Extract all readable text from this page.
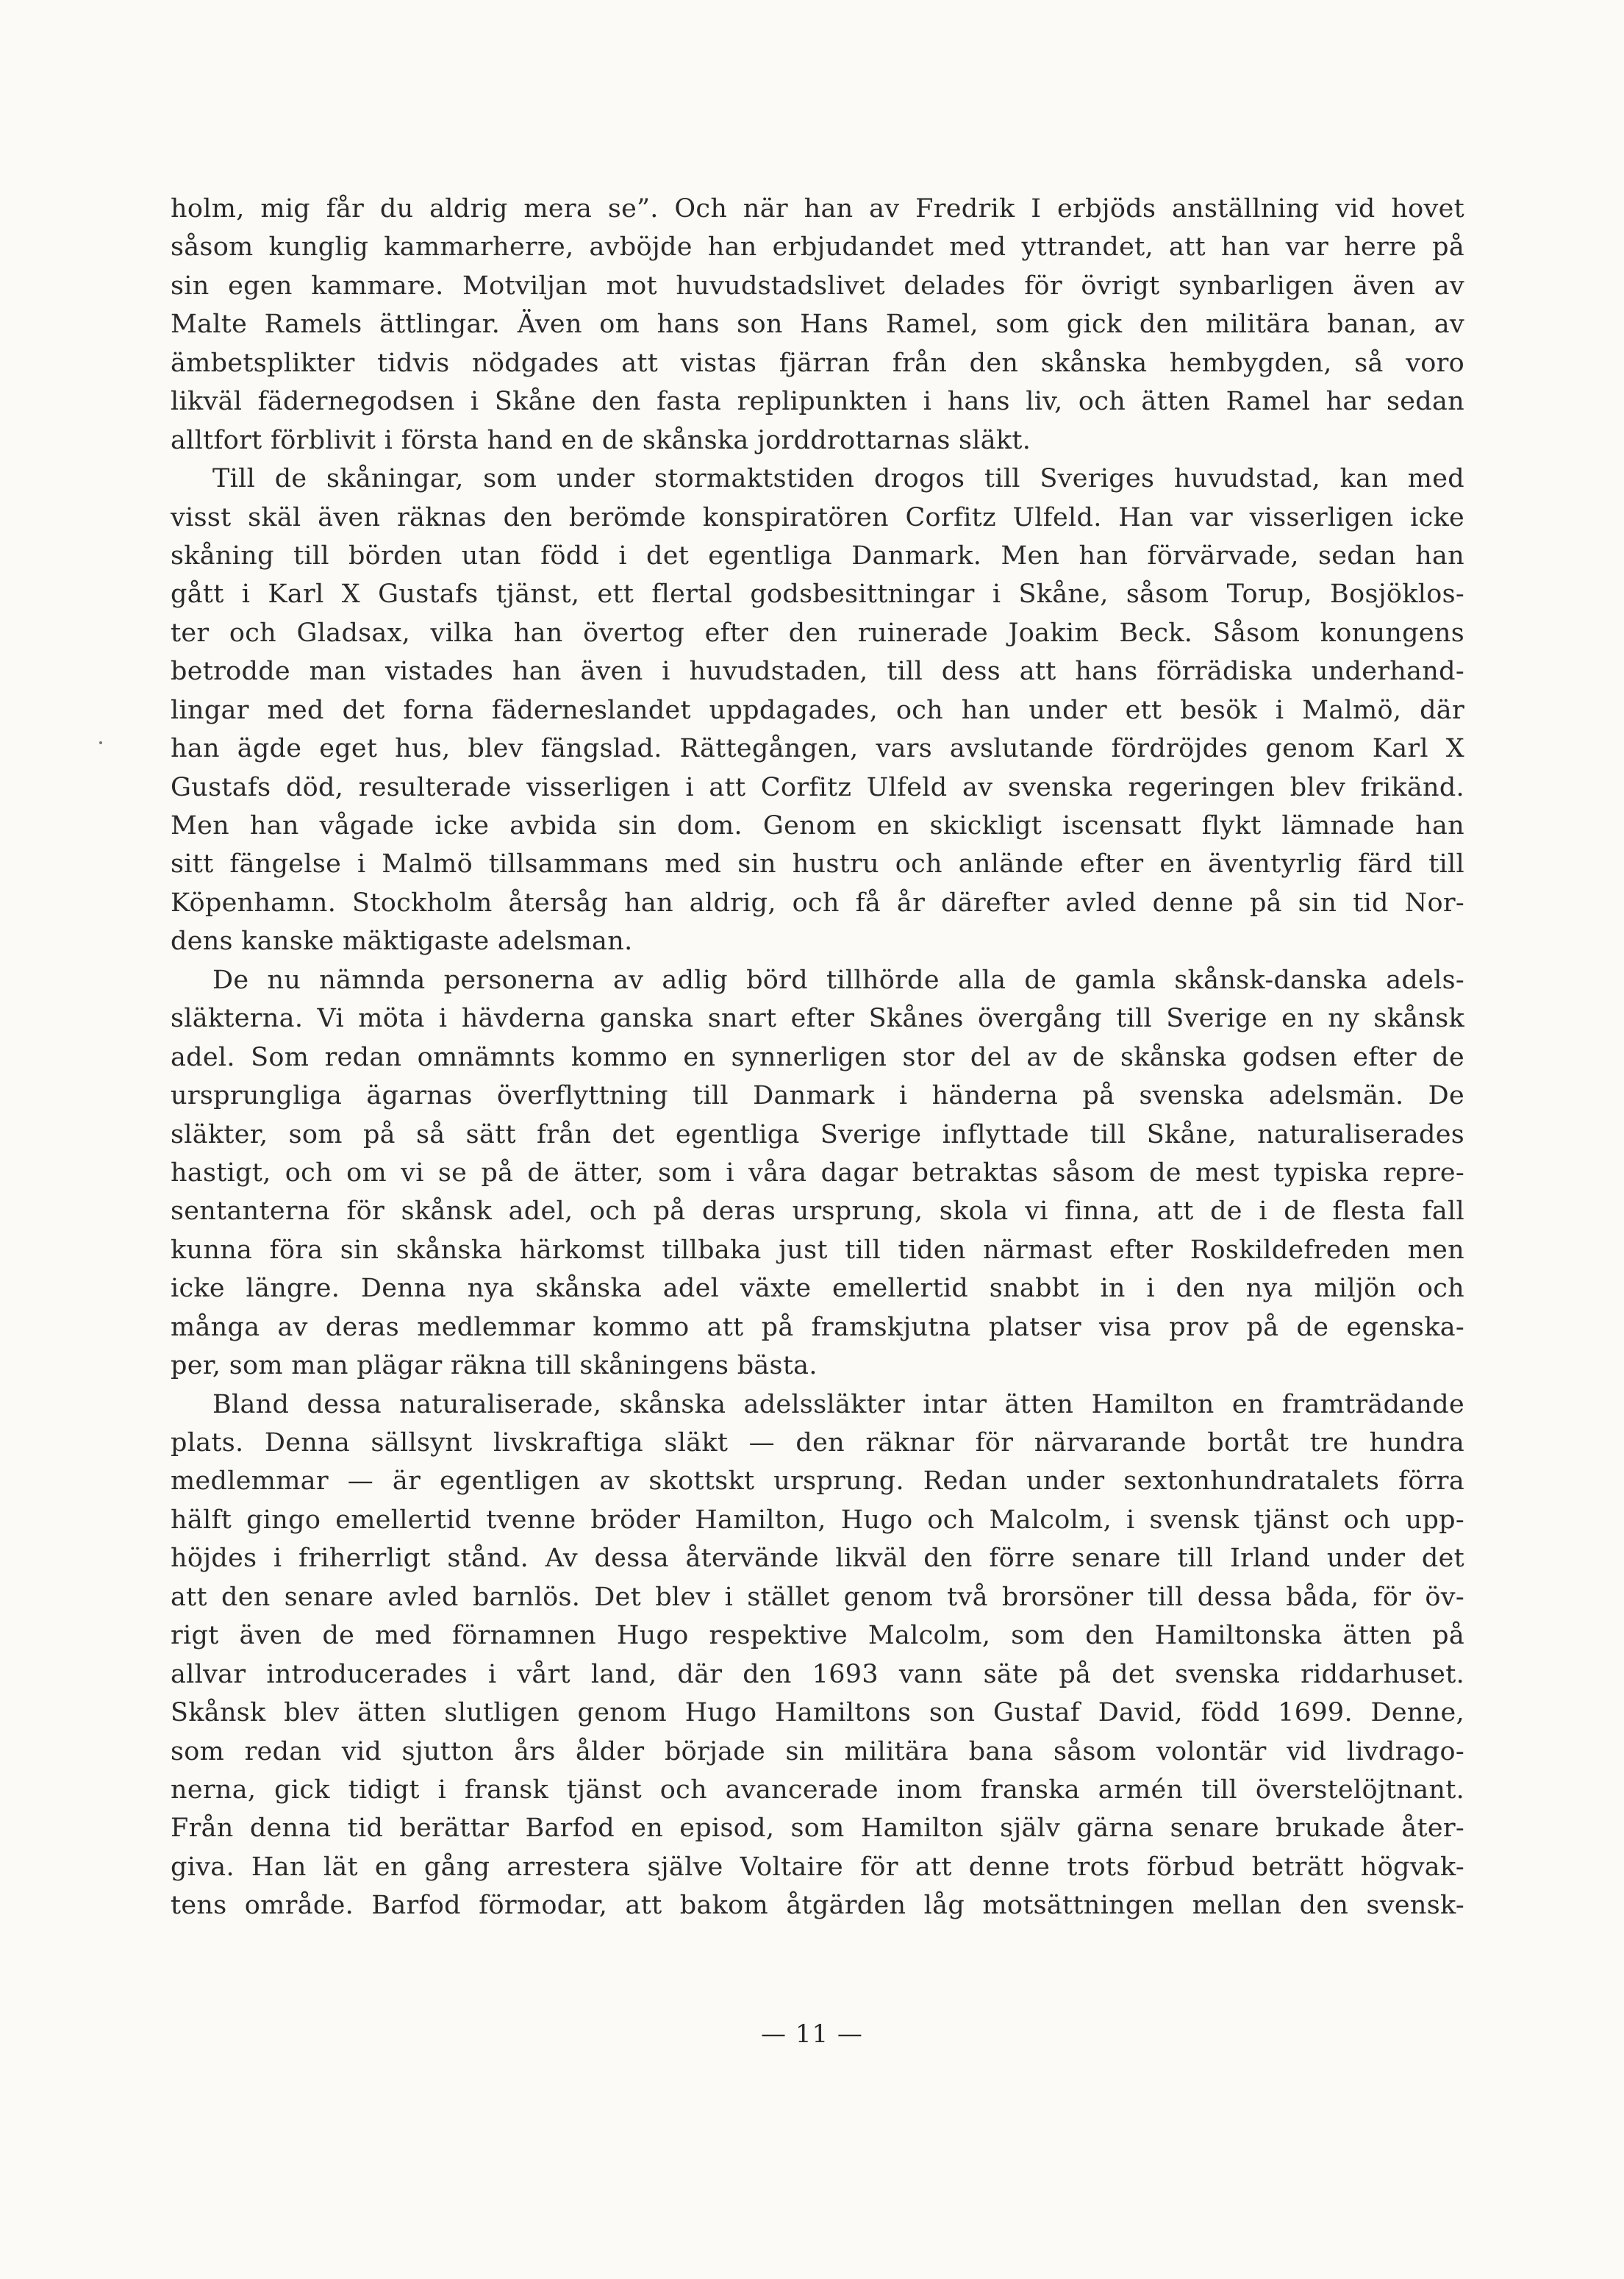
holm, mig får du aldrig mera se”. Och när han av Fredrik I erbjöds anställning vid hovet
såsom kunglig kammarherre, avböjde han erbjudandet med yttrandet, att han var herre på
sin egen kammare. Motviljan mot huvudstadslivet delades för övrigt synbarligen även av
Malte Ramels ättlingar. Även om hans son Hans Ramel, som gick den militära banan, av
ämbetsplikter tidvis nödgades att vistas fjärran från den skånska hembygden, så voro
likväl fädernegodsen i Skåne den fasta replipunkten i hans liv, och ätten Ramel har sedan
alltfort förblivit i första hand en de skånska jorddrottarnas släkt.
Till de skåningar, som under stormaktstiden drogos till Sveriges huvudstad, kan med
visst skäl även räknas den berömde konspiratören Corfitz Ulfeld. Han var visserligen icke
skåning till börden utan född i det egentliga Danmark. Men han förvärvade, sedan han
gått i Karl X Gustafs tjänst, ett flertal godsbesittningar i Skåne, såsom Torup, Bosjöklos-
ter och Gladsax, vilka han övertog efter den ruinerade Joakim Beck. Såsom konungens
betrodde man vistades han även i huvudstaden, till dess att hans förrädiska underhand-
lingar med det forna fäderneslandet uppdagades, och han under ett besök i Malmö, där
han ägde eget hus, blev fängslad. Rättegången, vars avslutande fördröjdes genom Karl X
Gustafs död, resulterade visserligen i att Corfitz Ulfeld av svenska regeringen blev frikänd.
Men han vågade icke avbida sin dom. Genom en skickligt iscensatt flykt lämnade han
sitt fängelse i Malmö tillsammans med sin hustru och anlände efter en äventyrlig färd till
Köpenhamn. Stockholm återsåg han aldrig, och få år därefter avled denne på sin tid Nor-
dens kanske mäktigaste adelsman.
De nu nämnda personerna av adlig börd tillhörde alla de gamla skånsk-danska adels-
släkterna. Vi möta i hävderna ganska snart efter Skånes övergång till Sverige en ny skånsk
adel. Som redan omnämnts kommo en synnerligen stor del av de skånska godsen efter de
ursprungliga ägarnas överflyttning till Danmark i händerna på svenska adelsmän. De
släkter, som på så sätt från det egentliga Sverige inflyttade till Skåne, naturaliserades
hastigt, och om vi se på de ätter, som i våra dagar betraktas såsom de mest typiska repre-
sentanterna för skånsk adel, och på deras ursprung, skola vi finna, att de i de flesta fall
kunna föra sin skånska härkomst tillbaka just till tiden närmast efter Roskildefreden men
icke längre. Denna nya skånska adel växte emellertid snabbt in i den nya miljön och
många av deras medlemmar kommo att på framskjutna platser visa prov på de egenska-
per, som man plägar räkna till skåningens bästa.
Bland dessa naturaliserade, skånska adelssläkter intar ätten Hamilton en framträdande
plats. Denna sällsynt livskraftiga släkt — den räknar för närvarande bortåt tre hundra
medlemmar — är egentligen av skottskt ursprung. Redan under sextonhundratalets förra
hälft gingo emellertid tvenne bröder Hamilton, Hugo och Malcolm, i svensk tjänst och upp-
höjdes i friherrligt stånd. Av dessa återvände likväl den förre senare till Irland under det
att den senare avled barnlös. Det blev i stället genom två brorsöner till dessa båda, för öv-
rigt även de med förnamnen Hugo respektive Malcolm, som den Hamiltonska ätten på
allvar introducerades i vårt land, där den 1693 vann säte på det svenska riddarhuset.
Skånsk blev ätten slutligen genom Hugo Hamiltons son Gustaf David, född 1699. Denne,
som redan vid sjutton års ålder började sin militära bana såsom volontär vid livdrago-
nerna, gick tidigt i fransk tjänst och avancerade inom franska armén till överstelöjtnant.
Från denna tid berättar Barfod en episod, som Hamilton själv gärna senare brukade åter-
giva. Han lät en gång arrestera själve Voltaire för att denne trots förbud beträtt högvak-
tens område. Barfod förmodar, att bakom åtgärden låg motsättningen mellan den svensk-
— 11 —
